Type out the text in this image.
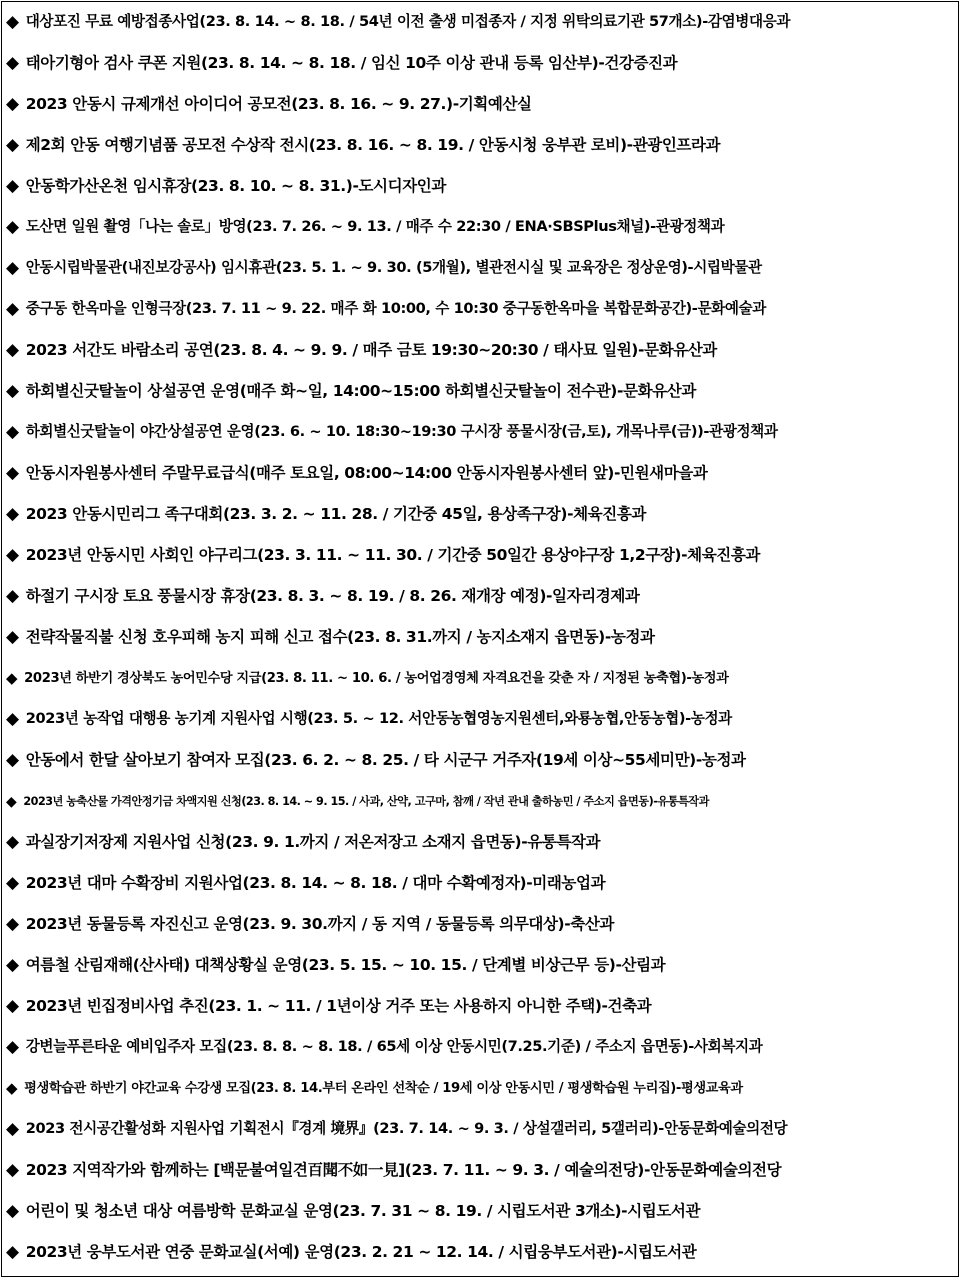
◆ 대상포진 무료 예방접종사업(23. 8. 14. ~ 8. 18. / 54년 이전 출생 미접종자 / 지정 위탁의료기관 57개소)-감염병대응과
◆ 태아기형아 검사 쿠폰 지원(23. 8. 14. ~ 8. 18. / 임신 10주 이상 관내 등록 임산부)-건강증진과
◆ 2023 안동시 규제개선 아이디어 공모전(23. 8. 16. ~ 9. 27.)-기획예산실
◆ 제2회 안동 여행기념품 공모전 수상작 전시(23. 8. 16. ~ 8. 19. / 안동시청 웅부관 로비)-관광인프라과
◆ 안동학가산온천 임시휴장(23. 8. 10. ~ 8. 31.)-도시디자인과
◆ 도산면 일원 촬영「나는 솔로」방영(23. 7. 26. ~ 9. 13. / 매주 수 22:30 / ENA·SBSPlus채널)-관광정책과
◆ 안동시립박물관(내진보강공사) 임시휴관(23. 5. 1. ~ 9. 30. (5개월), 별관전시실 및 교육장은 정상운영)-시립박물관
◆ 중구동 한옥마을 인형극장(23. 7. 11 ~ 9. 22. 매주 화 10:00, 수 10:30 중구동한옥마을 복합문화공간)-문화예술과
◆ 2023 서간도 바람소리 공연(23. 8. 4. ~ 9. 9. / 매주 금토 19:30~20:30 / 태사묘 일원)-문화유산과
◆ 하회별신굿탈놀이 상설공연 운영(매주 화~일, 14:00~15:00 하회별신굿탈놀이 전수관)-문화유산과
◆ 하회별신굿탈놀이 야간상설공연 운영(23. 6. ~ 10. 18:30~19:30 구시장 풍물시장(금,토), 개목나루(금))-관광정책과
◆ 안동시자원봉사센터 주말무료급식(매주 토요일, 08:00~14:00 안동시자원봉사센터 앞)-민원새마을과
◆ 2023 안동시민리그 족구대회(23. 3. 2. ~ 11. 28. / 기간중 45일, 용상족구장)-체육진흥과
◆ 2023년 안동시민 사회인 야구리그(23. 3. 11. ~ 11. 30. / 기간중 50일간 용상야구장 1,2구장)-체육진흥과
◆ 하절기 구시장 토요 풍물시장 휴장(23. 8. 3. ~ 8. 19. / 8. 26. 재개장 예정)-일자리경제과
◆ 전략작물직불 신청 호우피해 농지 피해 신고 접수(23. 8. 31.까지 / 농지소재지 읍면동)-농정과
◆ 2023년 하반기 경상북도 농어민수당 지급(23. 8. 11. ~ 10. 6. / 농어업경영체 자격요건을 갖춘 자 / 지정된 농축협)-농정과
◆ 2023년 농작업 대행용 농기계 지원사업 시행(23. 5. ~ 12. 서안동농협영농지원센터,와룡농협,안동농협)-농정과
◆ 안동에서 한달 살아보기 참여자 모집(23. 6. 2. ~ 8. 25. / 타 시군구 거주자(19세 이상~55세미만)-농정과
◆ 2023년 농축산물 가격안정기금 차액지원 신청(23. 8. 14. ~ 9. 15. / 사과, 산약, 고구마, 참깨 / 작년 관내 출하농민 / 주소지 읍면동)-유통특작과
◆ 과실장기저장제 지원사업 신청(23. 9. 1.까지 / 저온저장고 소재지 읍면동)-유통특작과
◆ 2023년 대마 수확장비 지원사업(23. 8. 14. ~ 8. 18. / 대마 수확예정자)-미래농업과
◆ 2023년 동물등록 자진신고 운영(23. 9. 30.까지 / 동 지역 / 동물등록 의무대상)-축산과
◆ 여름철 산림재해(산사태) 대책상황실 운영(23. 5. 15. ~ 10. 15. / 단계별 비상근무 등)-산림과
◆ 2023년 빈집정비사업 추진(23. 1. ~ 11. / 1년이상 거주 또는 사용하지 아니한 주택)-건축과
◆ 강변늘푸른타운 예비입주자 모집(23. 8. 8. ~ 8. 18. / 65세 이상 안동시민(7.25.기준) / 주소지 읍면동)-사회복지과
◆ 평생학습관 하반기 야간교육 수강생 모집(23. 8. 14.부터 온라인 선착순 / 19세 이상 안동시민 / 평생학습원 누리집)-평생교육과
◆ 2023 전시공간활성화 지원사업 기획전시『경계 境界』(23. 7. 14. ~ 9. 3. / 상설갤러리, 5갤러리)-안동문화예술의전당
◆ 2023 지역작가와 함께하는 [백문불여일견百聞不如一見](23. 7. 11. ~ 9. 3. / 예술의전당)-안동문화예술의전당
◆ 어린이 및 청소년 대상 여름방학 문화교실 운영(23. 7. 31 ~ 8. 19. / 시립도서관 3개소)-시립도서관
◆ 2023년 웅부도서관 연중 문화교실(서예) 운영(23. 2. 21 ~ 12. 14. / 시립웅부도서관)-시립도서관
